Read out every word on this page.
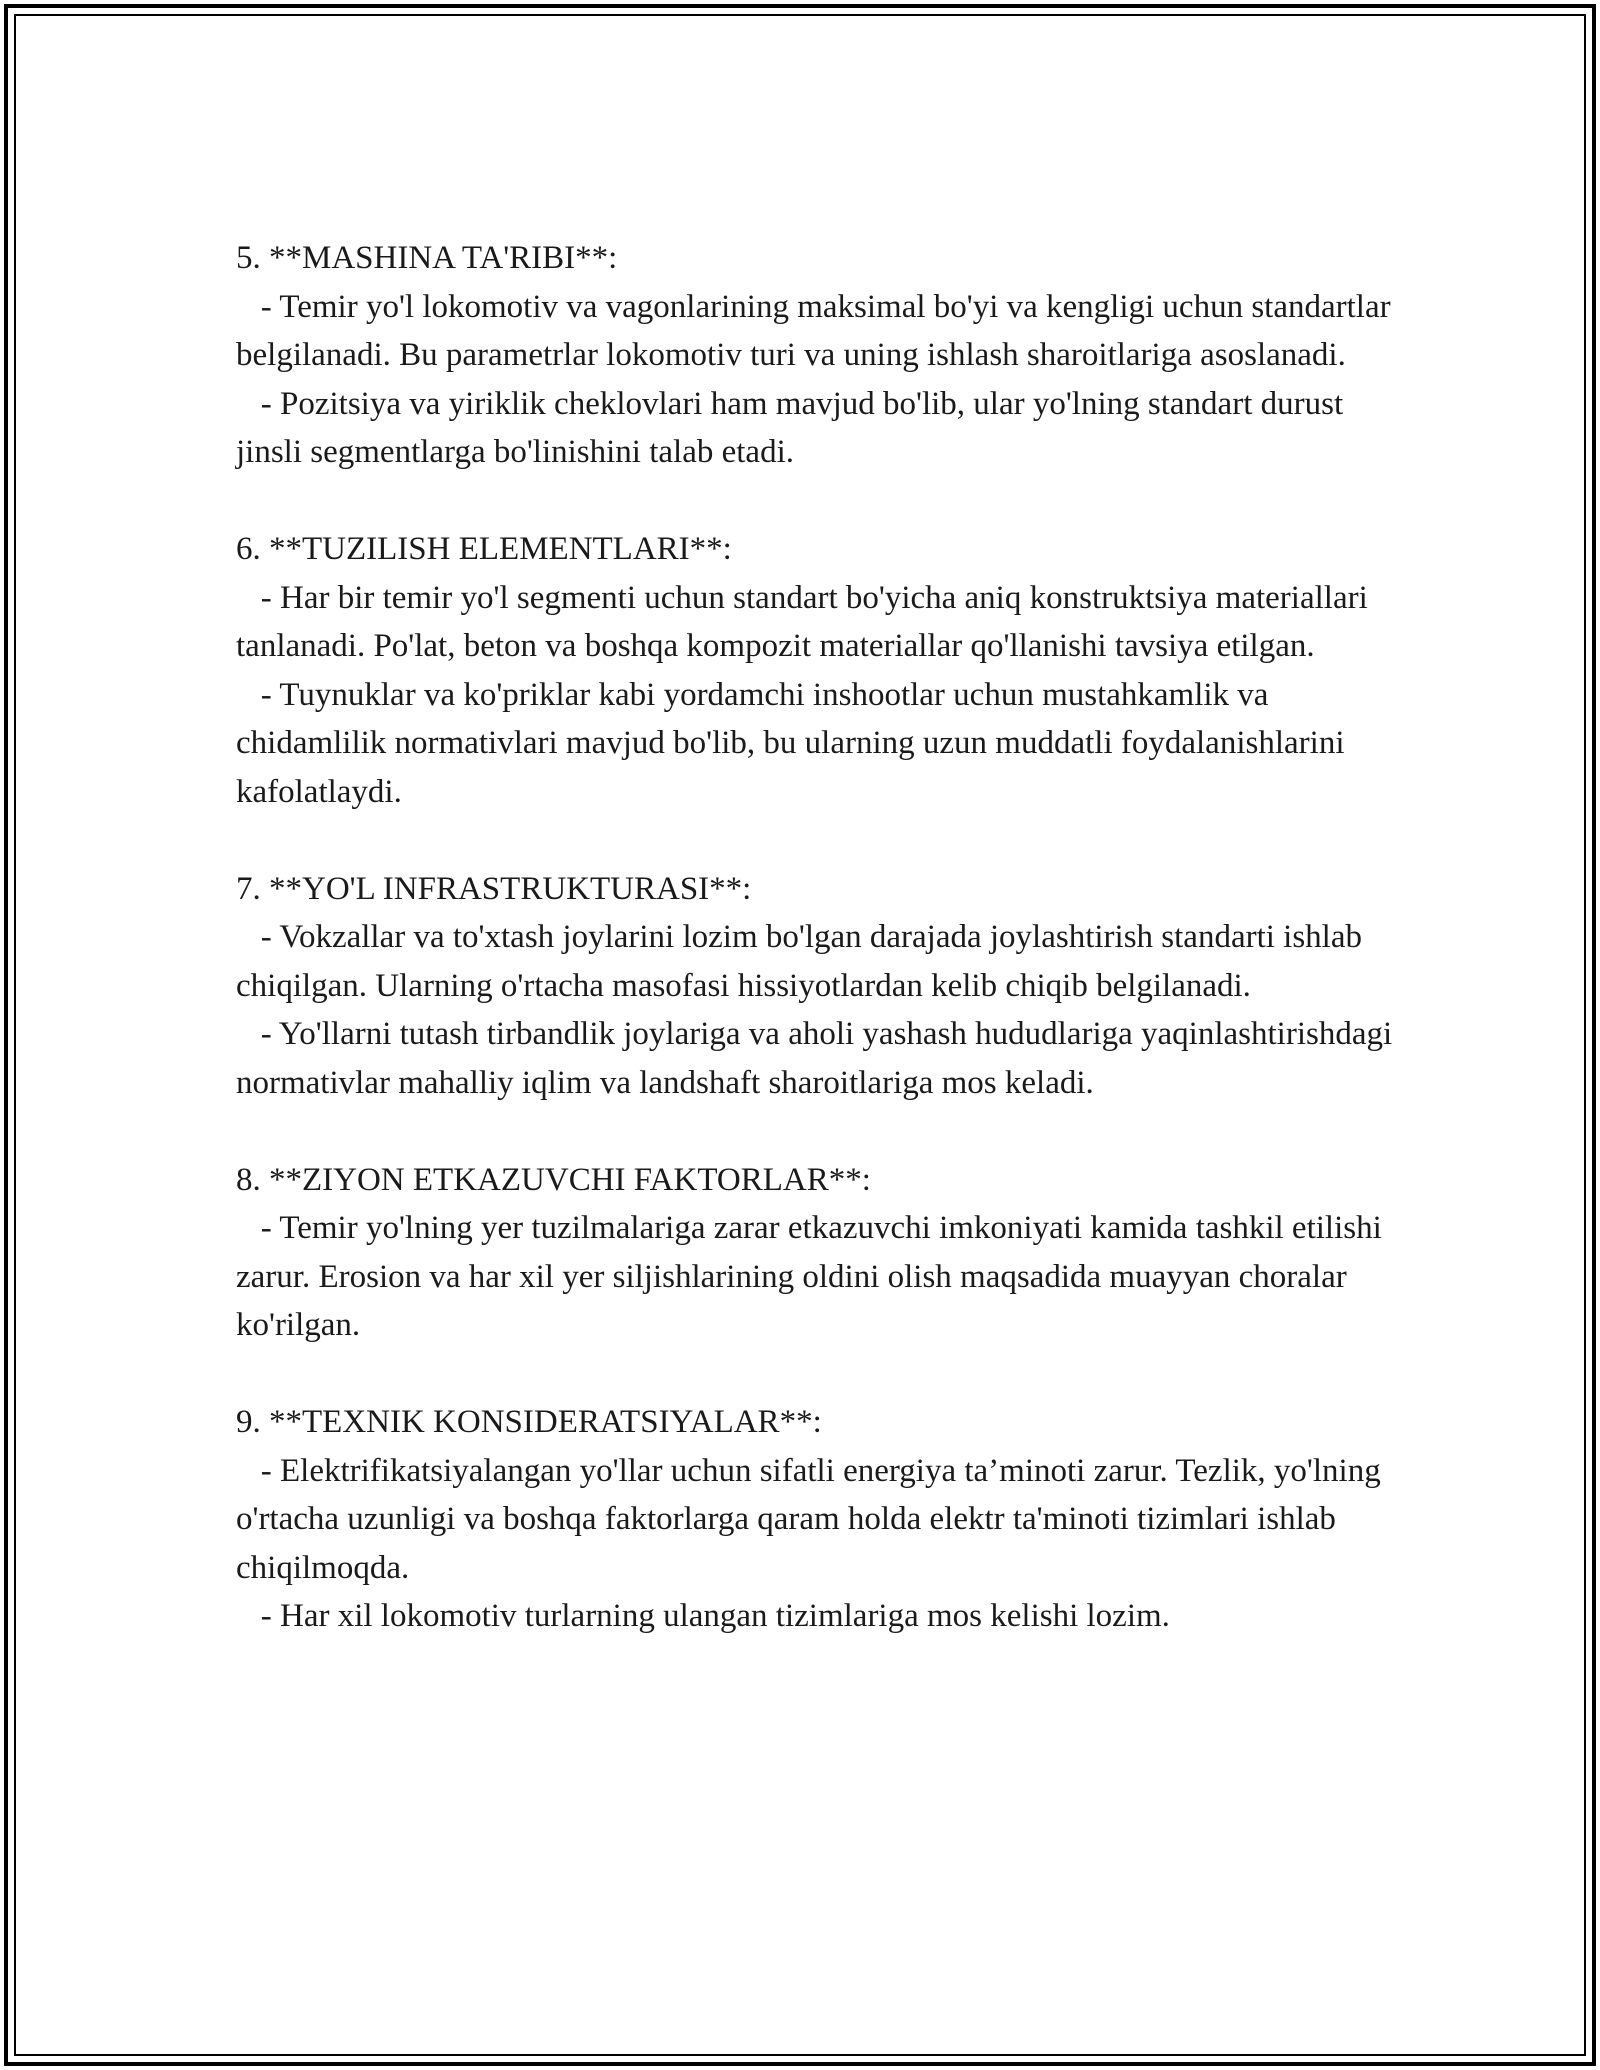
5. **MASHINA TA'RIBI**:

- Temir yo'l lokomotiv va vagonlarining maksimal bo'yi va kengligi uchun standartlar belgilanadi. Bu parametrlar lokomotiv turi va uning ishlash sharoitlariga asoslanadi.

- Pozitsiya va yiriklik cheklovlari ham mavjud bo'lib, ular yo'lning standart durust jinsli segmentlarga bo'linishini talab etadi.

6. **TUZILISH ELEMENTLARI**:

- Har bir temir yo'l segmenti uchun standart bo'yicha aniq konstruktsiya materiallari tanlanadi. Po'lat, beton va boshqa kompozit materiallar qo'llanishi tavsiya etilgan.

- Tuynuklar va ko'priklar kabi yordamchi inshootlar uchun mustahkamlik va chidamlilik normativlari mavjud bo'lib, bu ularning uzun muddatli foydalanishlarini kafolatlaydi.

7. **YO'L INFRASTRUKTURASI**:

- Vokzallar va to'xtash joylarini lozim bo'lgan darajada joylashtirish standarti ishlab chiqilgan. Ularning o'rtacha masofasi hissiyotlardan kelib chiqib belgilanadi.

- Yo'llarni tutash tirbandlik joylariga va aholi yashash hududlariga yaqinlashtirishdagi normativlar mahalliy iqlim va landshaft sharoitlariga mos keladi.

8. **ZIYON ETKAZUVCHI FAKTORLAR**:

- Temir yo'lning yer tuzilmalariga zarar etkazuvchi imkoniyati kamida tashkil etilishi zarur. Erosion va har xil yer siljishlarining oldini olish maqsadida muayyan choralar ko'rilgan.

9. **TEXNIK KONSIDERATSIYALAR**:

- Elektrifikatsiyalangan yo'llar uchun sifatli energiya ta’minoti zarur. Tezlik, yo'lning o'rtacha uzunligi va boshqa faktorlarga qaram holda elektr ta'minoti tizimlari ishlab chiqilmoqda.

- Har xil lokomotiv turlarning ulangan tizimlariga mos kelishi lozim.
